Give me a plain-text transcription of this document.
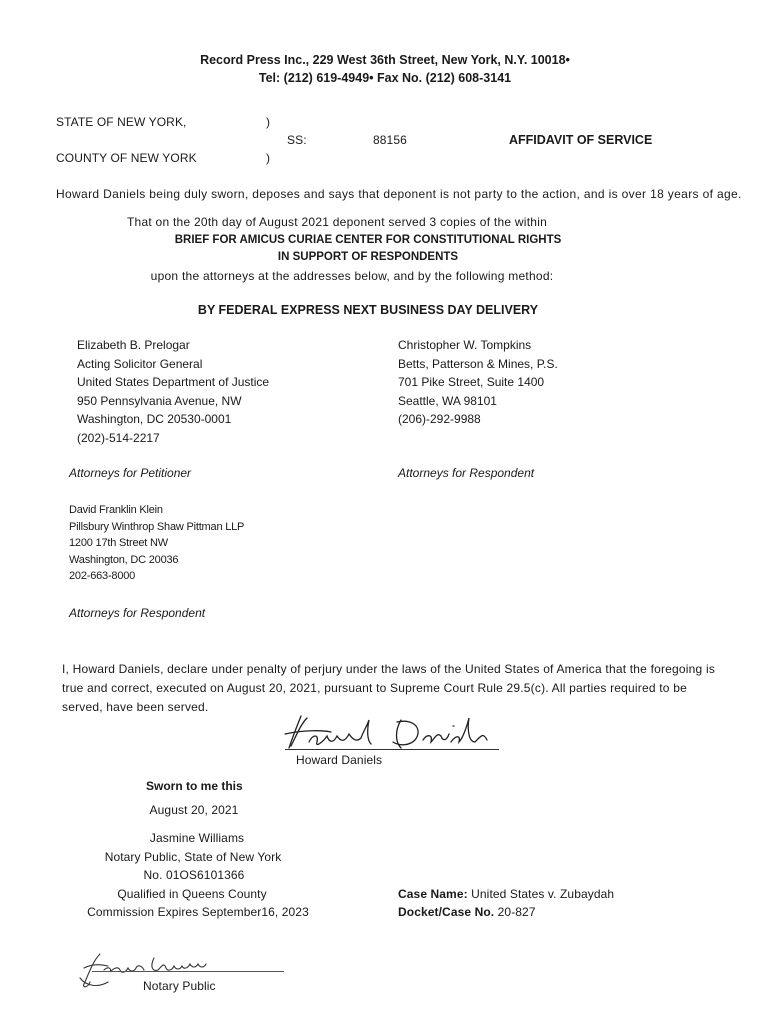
Record Press Inc., 229 West 36th Street, New York, N.Y. 10018•
Tel: (212) 619-4949• Fax No. (212) 608-3141
STATE OF NEW YORK,	)
SS:	88156	AFFIDAVIT OF SERVICE
COUNTY OF NEW YORK	)
Howard Daniels being duly sworn, deposes and says that deponent is not party to the action, and is over 18 years of age.
That on the 20th day of August 2021 deponent served 3 copies of the within
BRIEF FOR AMICUS CURIAE CENTER FOR CONSTITUTIONAL RIGHTS
IN SUPPORT OF RESPONDENTS
upon the attorneys at the addresses below, and by the following method:
BY FEDERAL EXPRESS NEXT BUSINESS DAY DELIVERY
Elizabeth B. Prelogar
Acting Solicitor General
United States Department of Justice
950 Pennsylvania Avenue, NW
Washington, DC 20530-0001
(202)-514-2217
Attorneys for Petitioner
Christopher W. Tompkins
Betts, Patterson & Mines, P.S.
701 Pike Street, Suite 1400
Seattle, WA 98101
(206)-292-9988
Attorneys for Respondent
David Franklin Klein
Pillsbury Winthrop Shaw Pittman LLP
1200 17th Street NW
Washington, DC 20036
202-663-8000
Attorneys for Respondent
I, Howard Daniels, declare under penalty of perjury under the laws of the United States of America that the foregoing is true and correct, executed on August 20, 2021, pursuant to Supreme Court Rule 29.5(c). All parties required to be served, have been served.
Howard Daniels
Sworn to me this
August 20, 2021
Jasmine Williams
Notary Public, State of New York
No. 01OS6101366
Qualified in Queens County
Commission Expires September16, 2023
Case Name: United States v. Zubaydah
Docket/Case No. 20-827
Notary Public
